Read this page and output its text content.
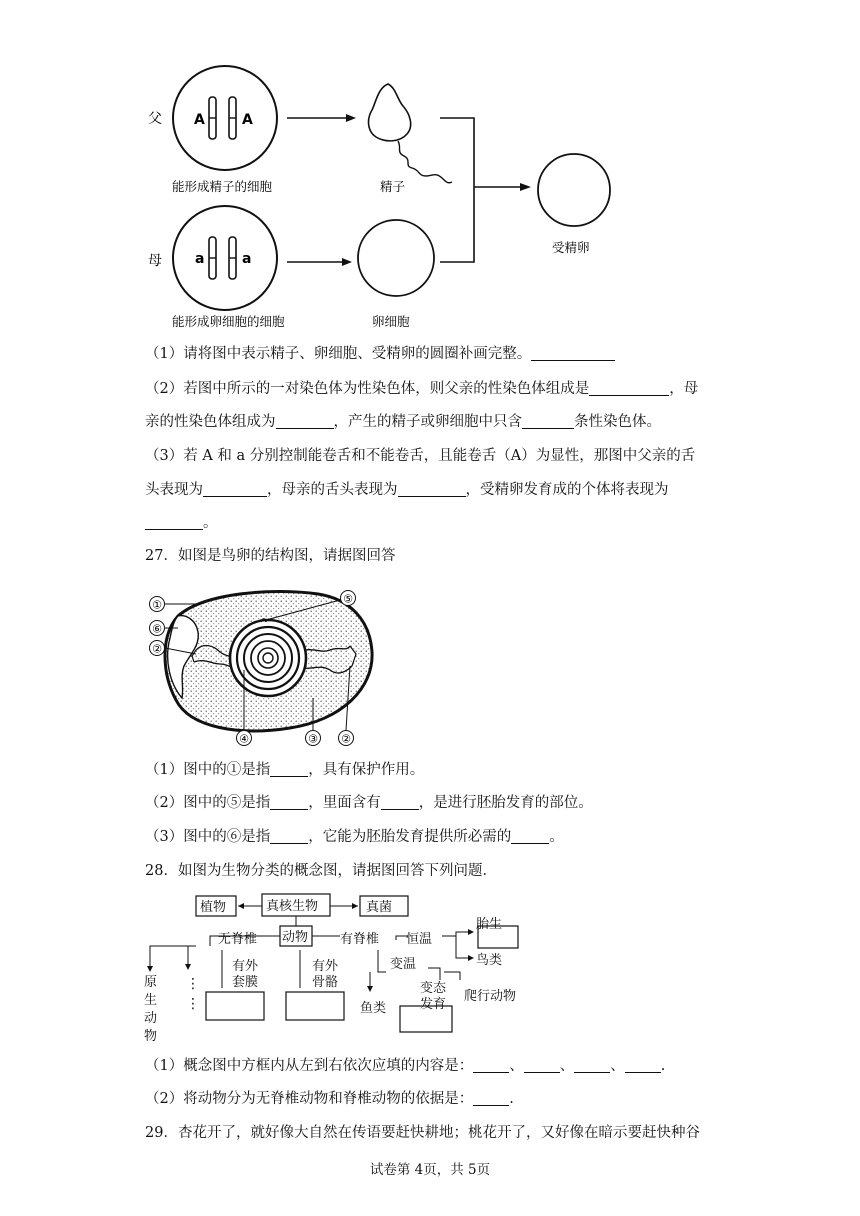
父
母
A	A
能形成精子的细胞	精子
a	a
能形成卵细胞的细胞	卵细胞
受精卵
（1）请将图中表示精子、卵细胞、受精卵的圆圈补画完整。
（2）若图中所示的一对染色体为性染色体，则父亲的性染色体组成是	，母
亲的性染色体组成为	，产生的精子或卵细胞中只含	条性染色体。
（3）若 A 和 a 分别控制能卷舌和不能卷舌，且能卷舌（A）为显性，那图中父亲的舌
头表现为	，母亲的舌头表现为	，受精卵发育成的个体将表现为
。
27．如图是鸟卵的结构图，请据图回答
①
⑥
②
⑤
④	③ ②
（1）图中的①是指	，具有保护作用。
（2）图中的⑤是指	，里面含有	，是进行胚胎发育的部位。
（3）图中的⑥是指	，它能为胚胎发育提供所必需的	。
28．如图为生物分类的概念图，请据图回答下列问题．
植物	真核生物	真菌
动物
无脊椎	有脊椎
原生动物
⋮
⋮
有外套膜
有外骨骼
恒温
胎生
鸟类
变温
鱼类
变态发育
爬行动物
（1）概念图中方框内从左到右依次应填的内容是： 、 、 、 .
（2）将动物分为无脊椎动物和脊椎动物的依据是： .
29．杏花开了，就好像大自然在传语要赶快耕地；桃花开了，又好像在暗示要赶快种谷
试卷第 4页，共 5页
